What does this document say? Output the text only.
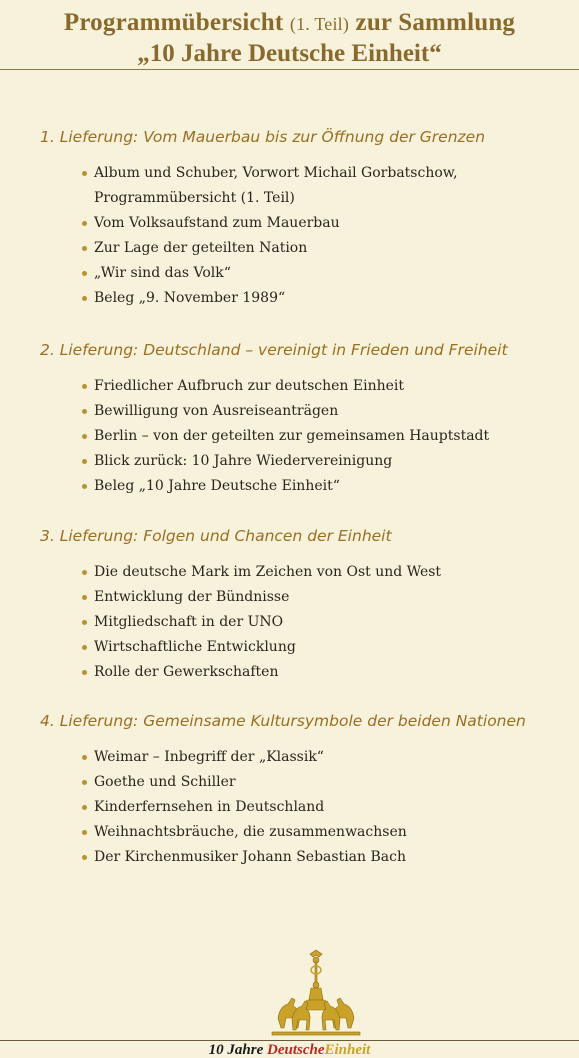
Programmübersicht (1. Teil) zur Sammlung
„10 Jahre Deutsche Einheit“
1. Lieferung: Vom Mauerbau bis zur Öffnung der Grenzen
Album und Schuber, Vorwort Michail Gorbatschow,
Programmübersicht (1. Teil)
Vom Volksaufstand zum Mauerbau
Zur Lage der geteilten Nation
„Wir sind das Volk“
Beleg „9. November 1989“
2. Lieferung: Deutschland – vereinigt in Frieden und Freiheit
Friedlicher Aufbruch zur deutschen Einheit
Bewilligung von Ausreiseanträgen
Berlin – von der geteilten zur gemeinsamen Hauptstadt
Blick zurück: 10 Jahre Wiedervereinigung
Beleg „10 Jahre Deutsche Einheit“
3. Lieferung: Folgen und Chancen der Einheit
Die deutsche Mark im Zeichen von Ost und West
Entwicklung der Bündnisse
Mitgliedschaft in der UNO
Wirtschaftliche Entwicklung
Rolle der Gewerkschaften
4. Lieferung: Gemeinsame Kultursymbole der beiden Nationen
Weimar – Inbegriff der „Klassik“
Goethe und Schiller
Kinderfernsehen in Deutschland
Weihnachtsbräuche, die zusammenwachsen
Der Kirchenmusiker Johann Sebastian Bach
10 Jahre DeutscheEinheit
